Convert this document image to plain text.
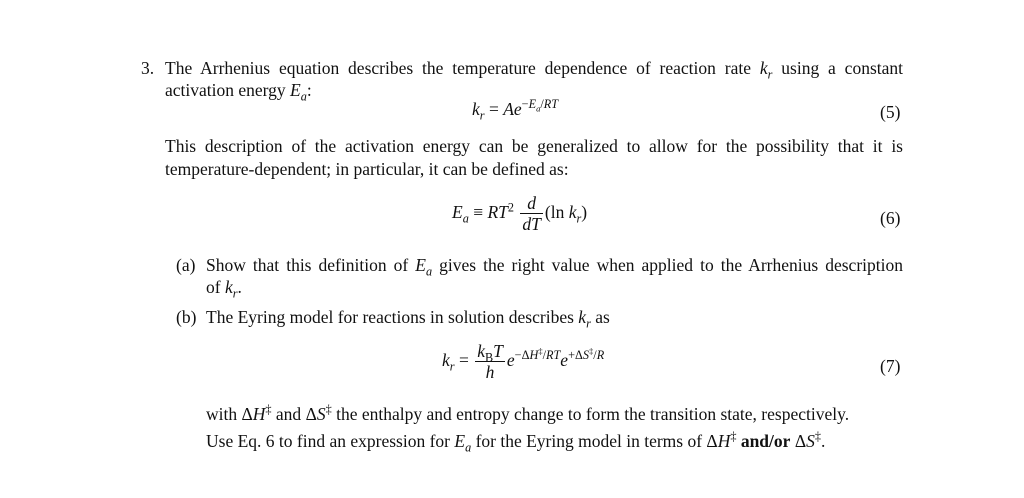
3. The Arrhenius equation describes the temperature dependence of reaction rate $k_r$ using a constant
activation energy $E_a$:
$k_r = Ae^{-E_a/RT}$	(5)
This description of the activation energy can be generalized to allow for the possibility that it is
temperature-dependent; in particular, it can be defined as:
$E_a \equiv RT^2 \frac{d}{dT} (\ln$ $k_r$)	(6)
(a) Show that this definition of $E_a$ gives the right value when applied to the Arrhenius description
of $k_r$.
(b) The Eyring model for reactions in solution describes $k_r$ as
$k_r = \frac{k_BT}{h} e^{-\Delta H^\ddagger/RT}e^{+\Delta S^\ddagger/R}$
(7)
with ΔH‡ and ΔS‡ the enthalpy and entropy change to form the transition state, respectively.
Use Eq. 6 to find an expression for $E_a$ for the Eyring model in terms of ΔH‡ and/or ΔS‡.
